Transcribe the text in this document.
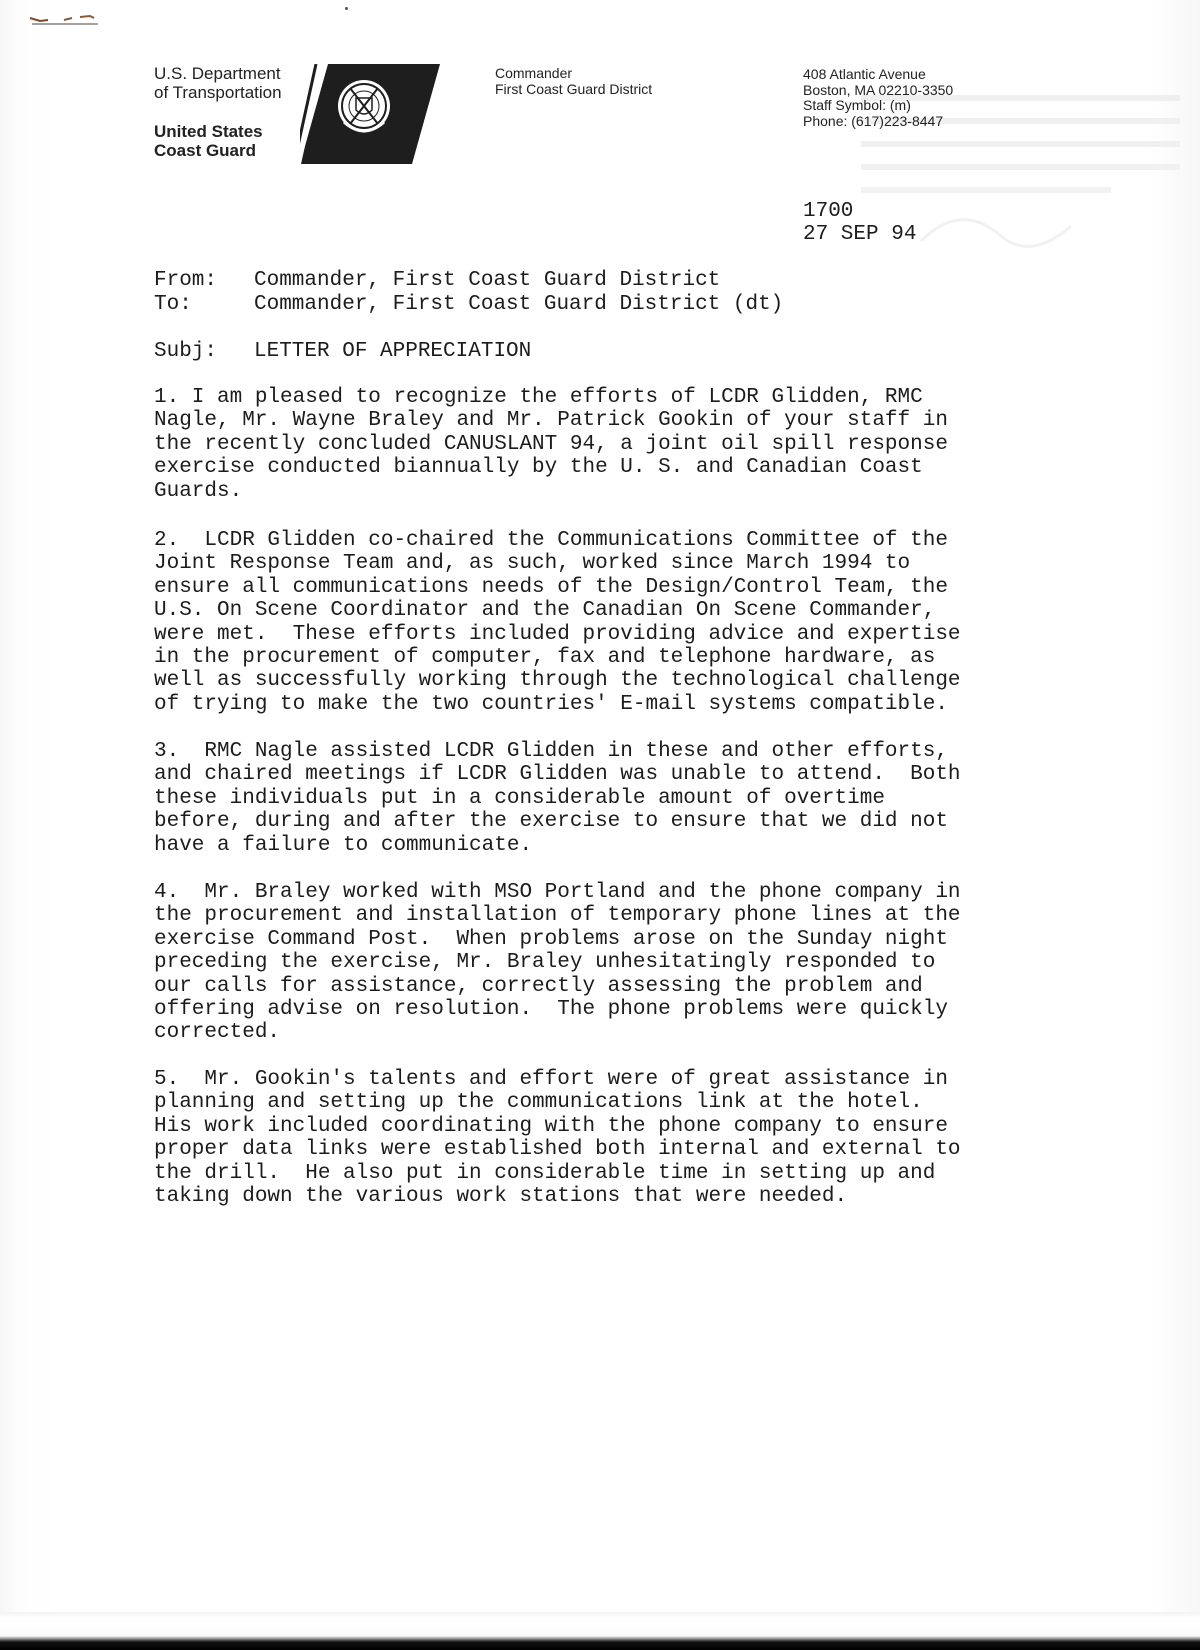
U.S. Department
of Transportation
United States
Coast Guard
Commander
First Coast Guard District
408 Atlantic Avenue
Boston, MA 02210-3350
Staff Symbol: (m)
Phone: (617)223-8447
1700
27 SEP 94
From: Commander, First Coast Guard District
To:	Commander, First Coast Guard District (dt)
Subj: LETTER OF APPRECIATION
1. I am pleased to recognize the efforts of LCDR Glidden, RMC
Nagle, Mr. Wayne Braley and Mr. Patrick Gookin of your staff in
the recently concluded CANUSLANT 94, a joint oil spill response
exercise conducted biannually by the U. S. and Canadian Coast
Guards.
2.  LCDR Glidden co-chaired the Communications Committee of the
Joint Response Team and, as such, worked since March 1994 to
ensure all communications needs of the Design/Control Team, the
U.S. On Scene Coordinator and the Canadian On Scene Commander,
were met.  These efforts included providing advice and expertise
in the procurement of computer, fax and telephone hardware, as
well as successfully working through the technological challenge
of trying to make the two countries' E-mail systems compatible.
3.  RMC Nagle assisted LCDR Glidden in these and other efforts,
and chaired meetings if LCDR Glidden was unable to attend.  Both
these individuals put in a considerable amount of overtime
before, during and after the exercise to ensure that we did not
have a failure to communicate.
4.  Mr. Braley worked with MSO Portland and the phone company in
the procurement and installation of temporary phone lines at the
exercise Command Post.  When problems arose on the Sunday night
preceding the exercise, Mr. Braley unhesitatingly responded to
our calls for assistance, correctly assessing the problem and
offering advise on resolution.  The phone problems were quickly
corrected.
5.  Mr. Gookin's talents and effort were of great assistance in
planning and setting up the communications link at the hotel.
His work included coordinating with the phone company to ensure
proper data links were established both internal and external to
the drill.  He also put in considerable time in setting up and
taking down the various work stations that were needed.
